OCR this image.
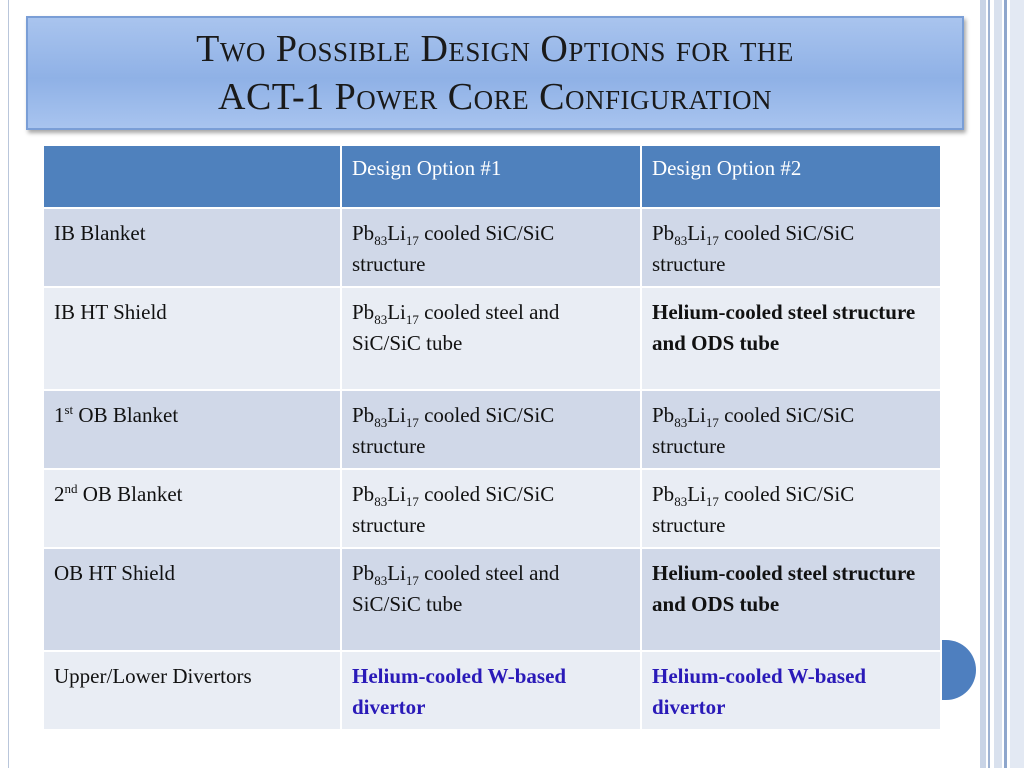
Two Possible Design Options for the
ACT-1 Power Core Configuration
	Design Option #1	Design Option #2
IB Blanket	$Pb_{83}Li_{17}$ cooled SiC/SiC structure	$Pb_{83}Li_{17}$ cooled SiC/SiC structure
IB HT Shield	$Pb_{83}Li_{17}$ cooled steel and SiC/SiC tube	Helium-cooled steel structure and ODS tube
1st OB Blanket	$Pb_{83}Li_{17}$ cooled SiC/SiC structure	$Pb_{83}Li_{17}$ cooled SiC/SiC structure
2nd OB Blanket	$Pb_{83}Li_{17}$ cooled SiC/SiC structure	$Pb_{83}Li_{17}$ cooled SiC/SiC structure
OB HT Shield	$Pb_{83}Li_{17}$ cooled steel and SiC/SiC tube	Helium-cooled steel structure and ODS tube
Upper/Lower Divertors	Helium-cooled W-based divertor	Helium-cooled W-based divertor
